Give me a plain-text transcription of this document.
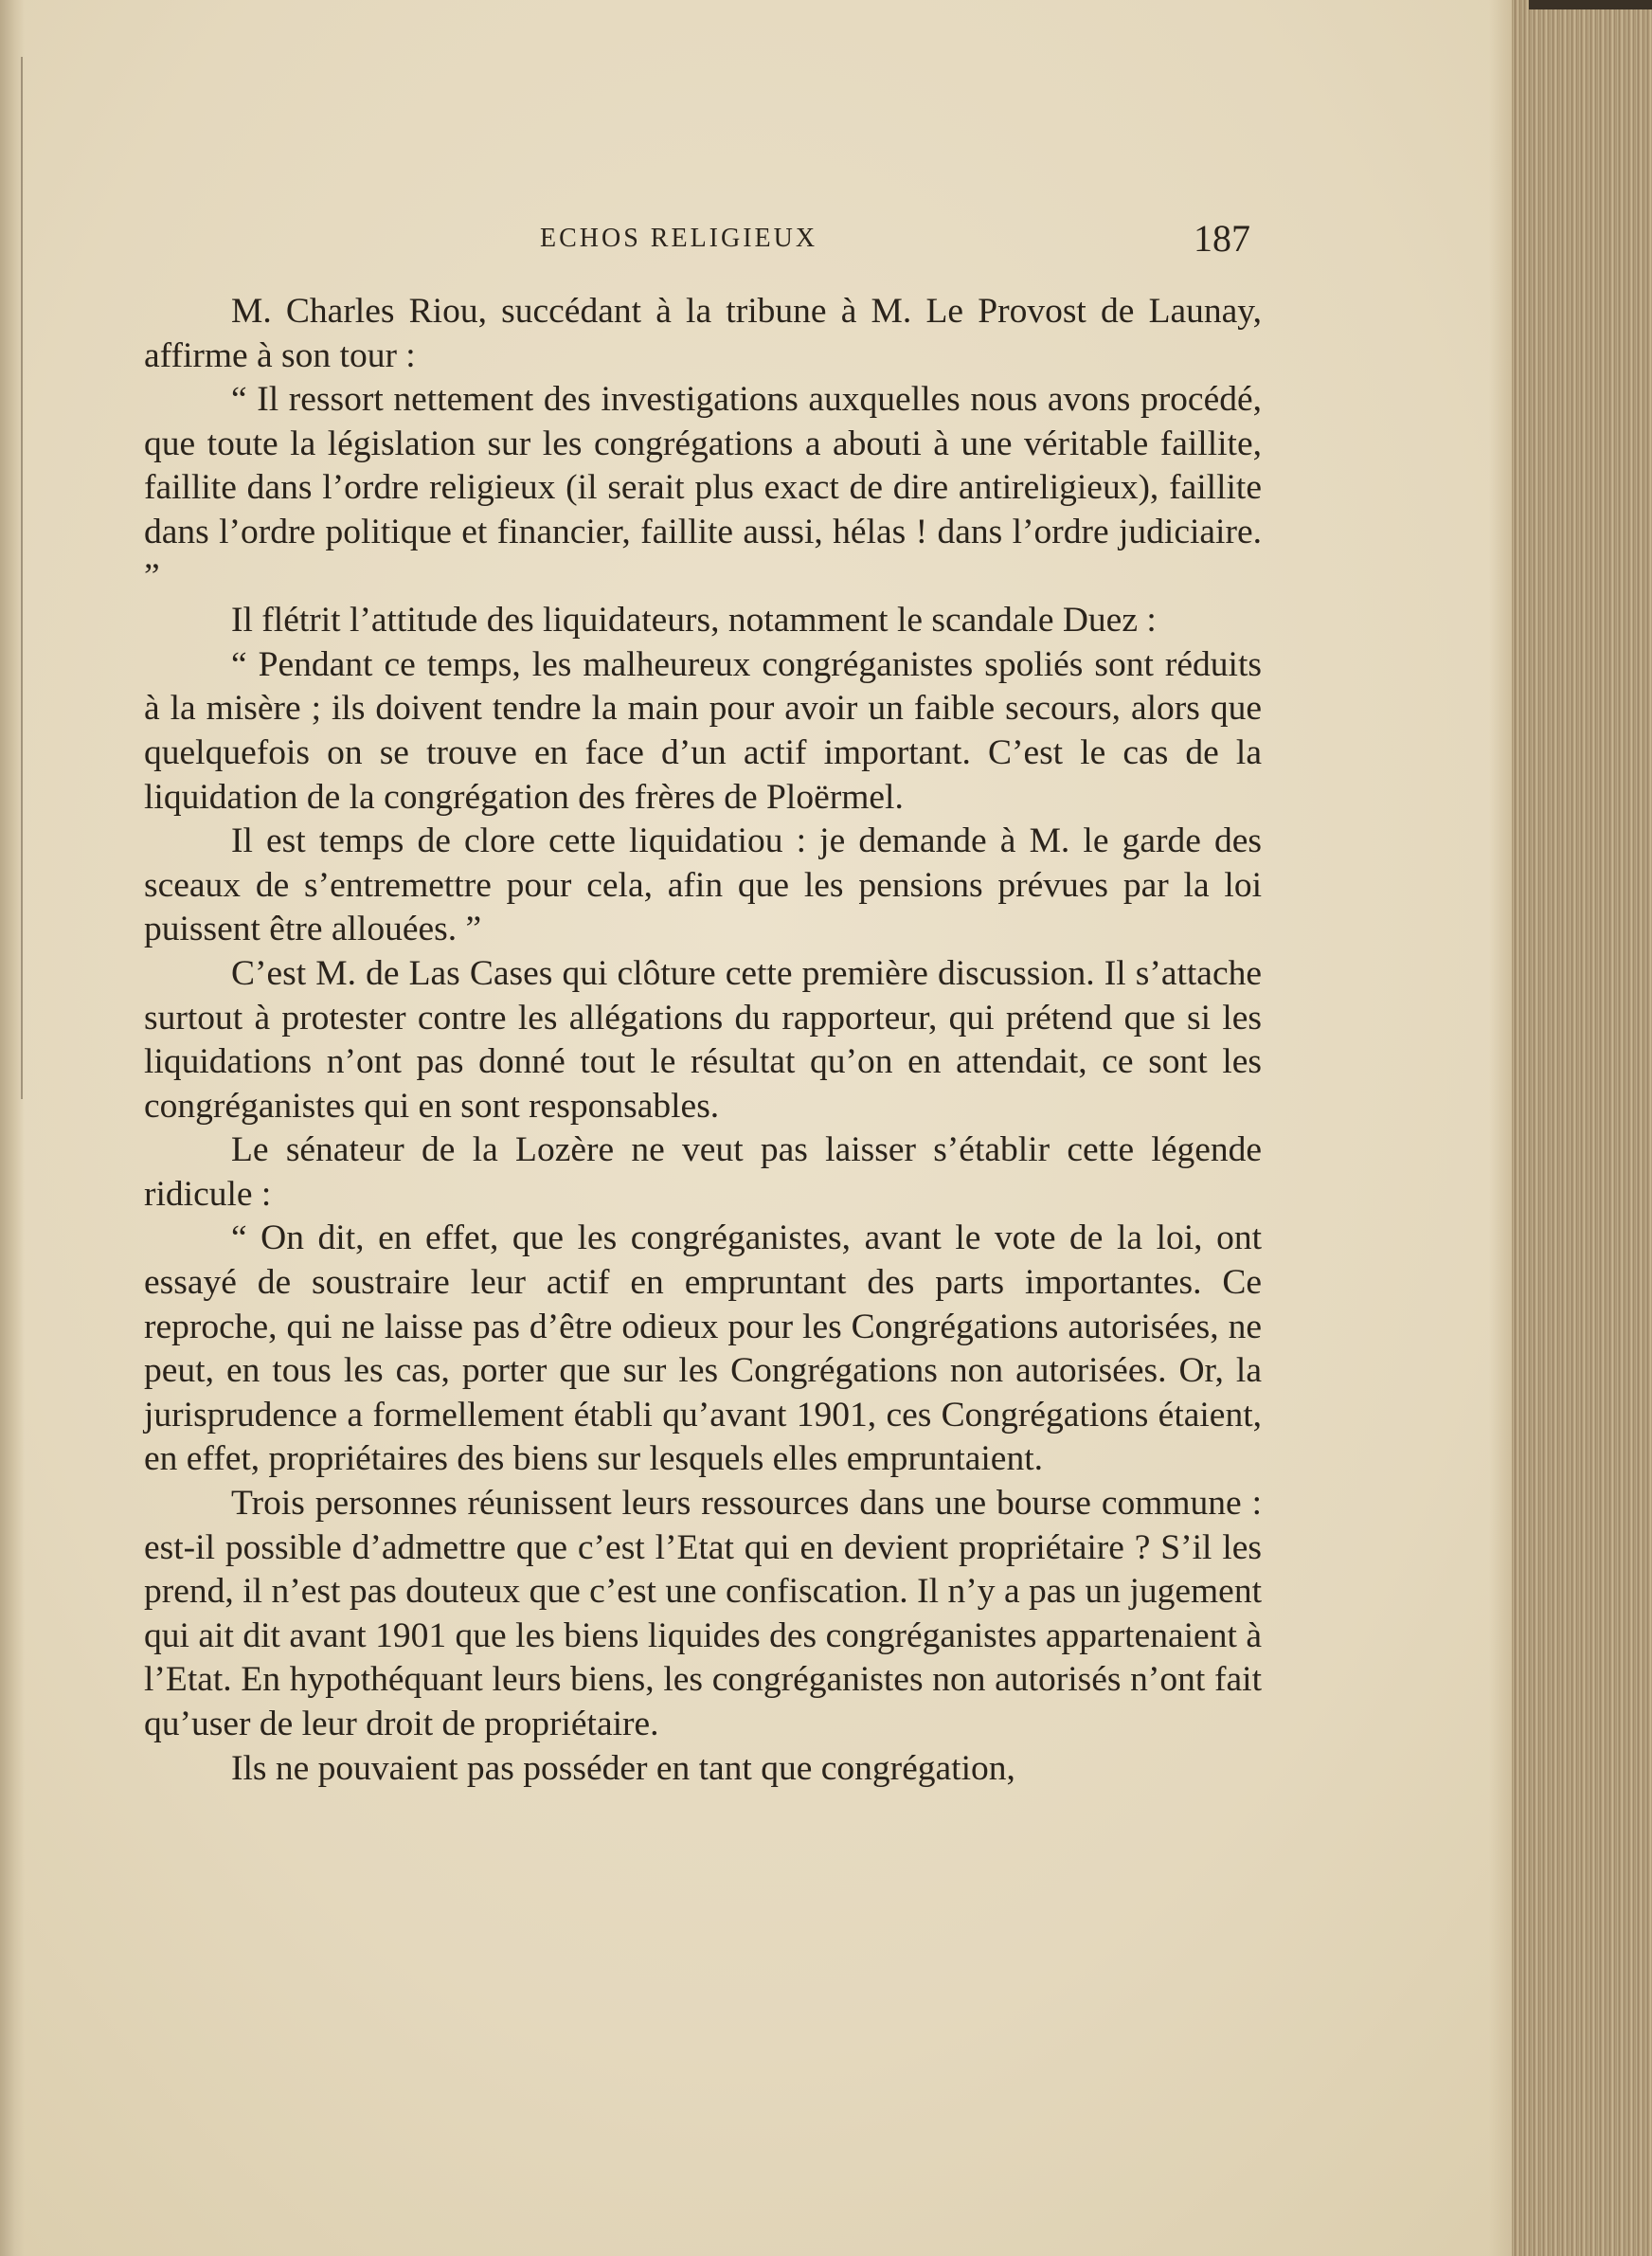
ECHOS RELIGIEUX	187

M. Charles Riou, succédant à la tribune à M. Le Provost de Launay, affirme à son tour :

“ Il ressort nettement des investigations auxquelles nous avons procédé, que toute la législation sur les congrégations a abouti à une véritable faillite, faillite dans l’ordre religieux (il serait plus exact de dire antireligieux), faillite dans l’ordre politique et financier, faillite aussi, hélas ! dans l’ordre judiciaire. ”

Il flétrit l’attitude des liquidateurs, notamment le scandale Duez :

“ Pendant ce temps, les malheureux congréganistes spoliés sont réduits à la misère ; ils doivent tendre la main pour avoir un faible secours, alors que quelquefois on se trouve en face d’un actif important. C’est le cas de la liquidation de la congrégation des frères de Ploërmel.

Il est temps de clore cette liquidatiou : je demande à M. le garde des sceaux de s’entremettre pour cela, afin que les pensions prévues par la loi puissent être allouées. ”

C’est M. de Las Cases qui clôture cette première discussion. Il s’attache surtout à protester contre les allégations du rapporteur, qui prétend que si les liquidations n’ont pas donné tout le résultat qu’on en attendait, ce sont les congréganistes qui en sont responsables.

Le sénateur de la Lozère ne veut pas laisser s’établir cette légende ridicule :

“ On dit, en effet, que les congréganistes, avant le vote de la loi, ont essayé de soustraire leur actif en empruntant des parts importantes. Ce reproche, qui ne laisse pas d’être odieux pour les Congrégations autorisées, ne peut, en tous les cas, porter que sur les Congrégations non autorisées. Or, la jurisprudence a formellement établi qu’avant 1901, ces Congrégations étaient, en effet, propriétaires des biens sur lesquels elles empruntaient.

Trois personnes réunissent leurs ressources dans une bourse commune : est-il possible d’admettre que c’est l’Etat qui en devient propriétaire ? S’il les prend, il n’est pas douteux que c’est une confiscation. Il n’y a pas un jugement qui ait dit avant 1901 que les biens liquides des congréganistes appartenaient à l’Etat. En hypothéquant leurs biens, les congréganistes non autorisés n’ont fait qu’user de leur droit de propriétaire.

Ils ne pouvaient pas posséder en tant que congrégation,
